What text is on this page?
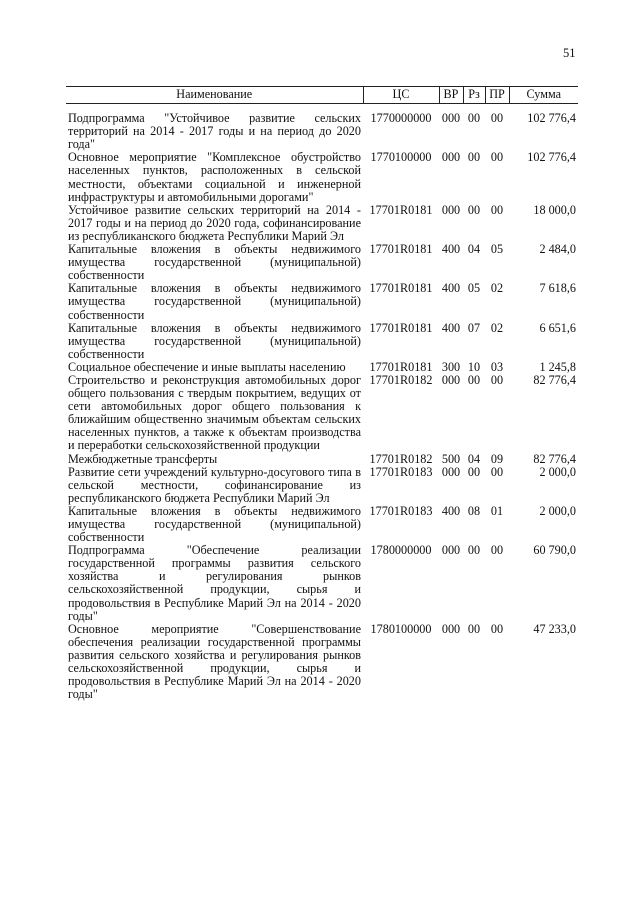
51
Наименование	ЦС	ВР	Рз	ПР	Сумма
Подпрограмма "Устойчивое развитие сельских территорий на 2014 - 2017 годы и на период до 2020 года"	1770000000	000	00	00	102 776,4
Основное мероприятие "Комплексное обустройство населенных пунктов, расположенных в сельской местности, объектами социальной и инженерной инфраструктуры и автомобильными дорогами"	1770100000	000	00	00	102 776,4
Устойчивое развитие сельских территорий на 2014 - 2017 годы и на период до 2020 года, софинансирование из республиканского бюджета Республики Марий Эл	17701R0181	000	00	00	18 000,0
Капитальные вложения в объекты недвижимого имущества государственной (муниципальной) собственности	17701R0181	400	04	05	2 484,0
Капитальные вложения в объекты недвижимого имущества государственной (муниципальной) собственности	17701R0181	400	05	02	7 618,6
Капитальные вложения в объекты недвижимого имущества государственной (муниципальной) собственности	17701R0181	400	07	02	6 651,6
Социальное обеспечение и иные выплаты населению	17701R0181	300	10	03	1 245,8
Строительство и реконструкция автомобильных дорог общего пользования с твердым покрытием, ведущих от сети автомобильных дорог общего пользования к ближайшим общественно значимым объектам сельских населенных пунктов, а также к объектам производства и переработки сельскохозяйственной продукции	17701R0182	000	00	00	82 776,4
Межбюджетные трансферты	17701R0182	500	04	09	82 776,4
Развитие сети учреждений культурно-досугового типа в сельской местности, софинансирование из республиканского бюджета Республики Марий Эл	17701R0183	000	00	00	2 000,0
Капитальные вложения в объекты недвижимого имущества государственной (муниципальной) собственности	17701R0183	400	08	01	2 000,0
Подпрограмма "Обеспечение реализации государственной программы развития сельского хозяйства и регулирования рынков сельскохозяйственной продукции, сырья и продовольствия в Республике Марий Эл на 2014 - 2020 годы"	1780000000	000	00	00	60 790,0
Основное мероприятие "Совершенствование обеспечения реализации государственной программы развития сельского хозяйства и регулирования рынков сельскохозяйственной продукции, сырья и продовольствия в Республике Марий Эл на 2014 - 2020 годы"	1780100000	000	00	00	47 233,0
